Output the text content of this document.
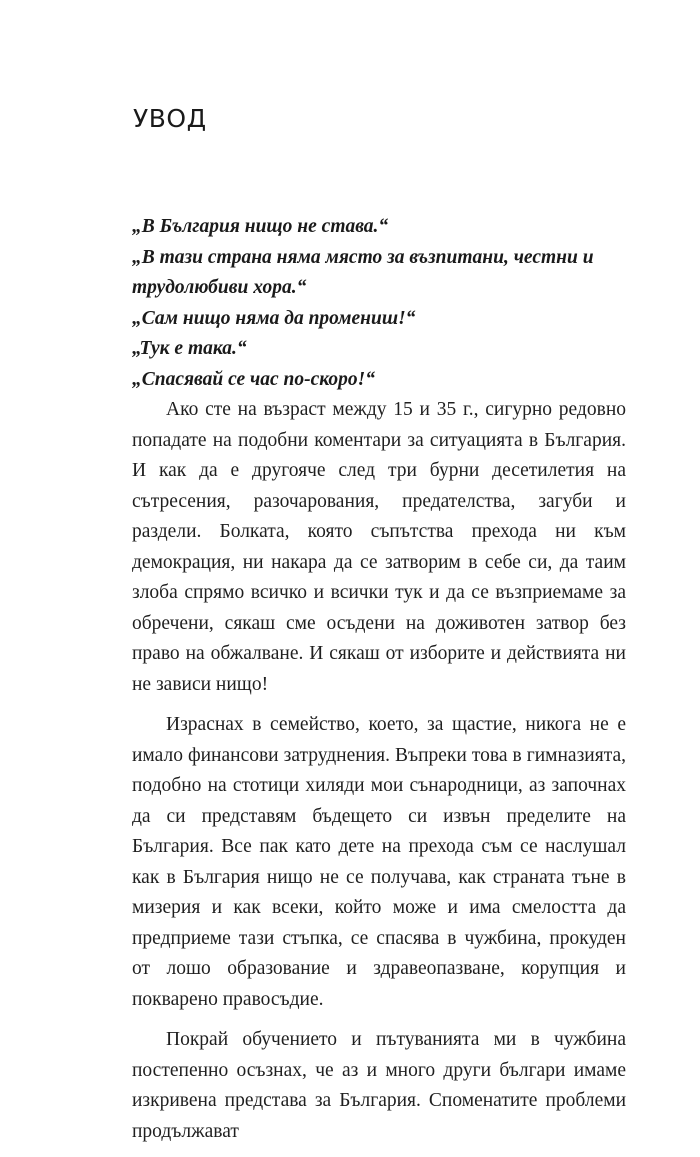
УВОД
„В България нищо не става.“
„В тази страна няма място за възпитани, честни и трудолюбиви хора.“
„Сам нищо няма да промениш!“
„Тук е така.“
„Спасявай се час по-скоро!“

Ако сте на възраст между 15 и 35 г., сигурно редовно попадате на подобни коментари за ситуацията в България. И как да е другояче след три бурни десетилетия на сътресения, разочарования, предателства, загуби и раздели. Болката, която съпътства прехода ни към демокрация, ни накара да се затворим в себе си, да таим злоба спрямо всичко и всички тук и да се възприемаме за обречени, сякаш сме осъдени на доживотен затвор без право на обжалване. И сякаш от изборите и действията ни не зависи нищо!

Израснах в семейство, което, за щастие, никога не е имало финансови затруднения. Въпреки това в гимназията, подобно на стотици хиляди мои сънародници, аз започнах да си представям бъдещето си извън пределите на България. Все пак като дете на прехода съм се наслушал как в България нищо не се получава, как страната тъне в мизерия и как всеки, който може и има смелостта да предприеме тази стъпка, се спасява в чужбина, прокуден от лошо образование и здравеопазване, корупция и покварено правосъдие.

Покрай обучението и пътуванията ми в чужбина постепенно осъзнах, че аз и много други българи имаме изкривена представа за България. Споменатите проблеми продължават
